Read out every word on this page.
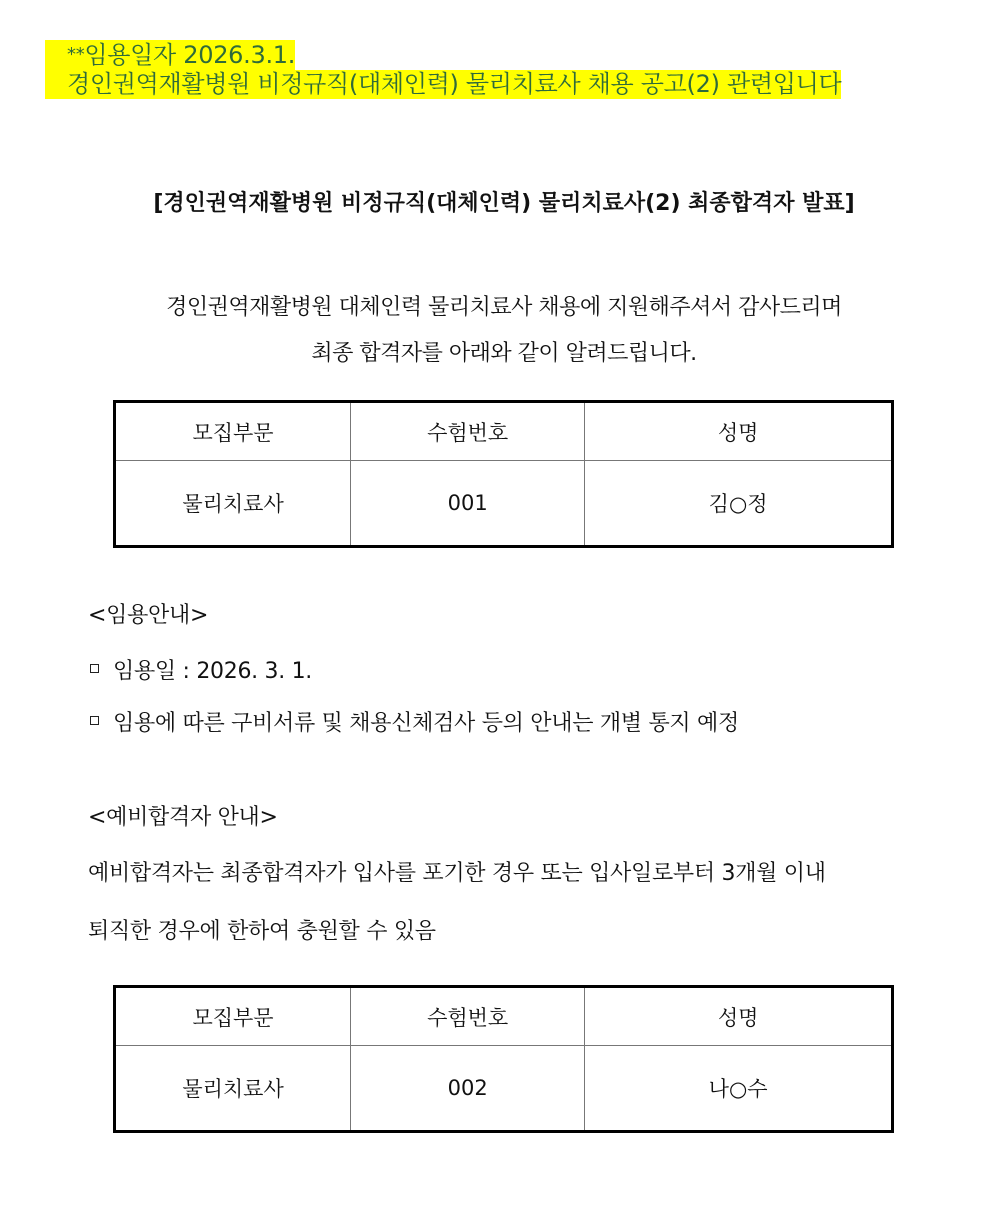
**임용일자 2026.3.1.
경인권역재활병원 비정규직(대체인력) 물리치료사 채용 공고(2) 관련입니다
[경인권역재활병원 비정규직(대체인력) 물리치료사(2) 최종합격자 발표]
경인권역재활병원 대체인력 물리치료사 채용에 지원해주셔서 감사드리며
최종 합격자를 아래와 같이 알려드립니다.
모집부문	수험번호	성명
물리치료사	001	김○정
<임용안내>
임용일 : 2026. 3. 1.
임용에 따른 구비서류 및 채용신체검사 등의 안내는 개별 통지 예정
<예비합격자 안내>
예비합격자는 최종합격자가 입사를 포기한 경우 또는 입사일로부터 3개월 이내
퇴직한 경우에 한하여 충원할 수 있음
모집부문	수험번호	성명
물리치료사	002	나○수
